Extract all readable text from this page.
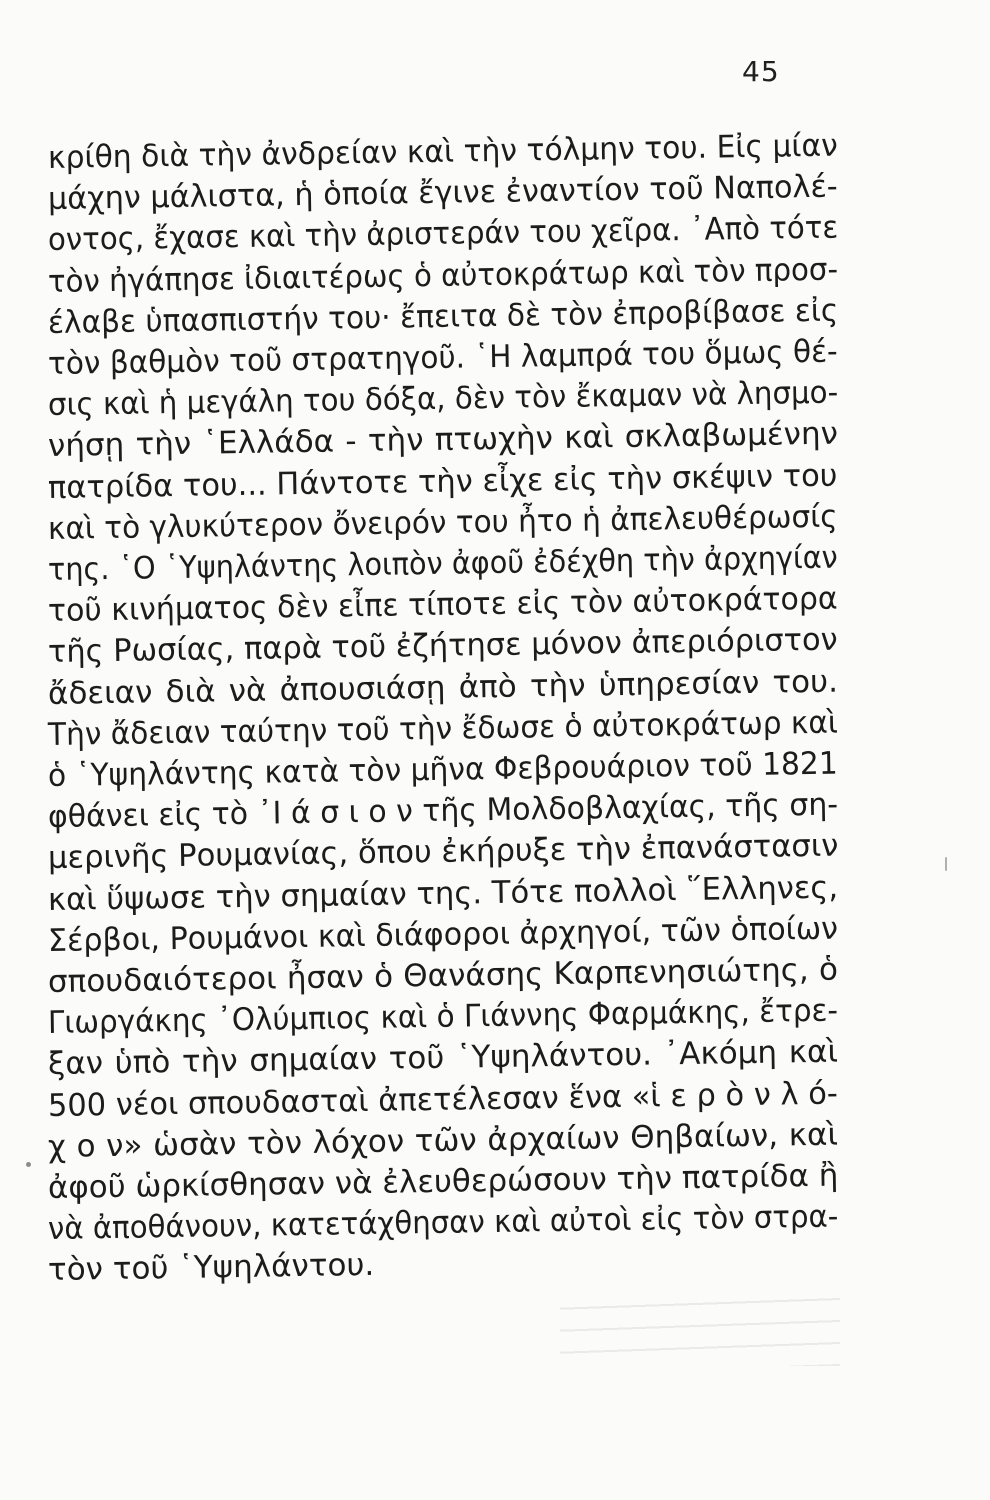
45
κρίθη διὰ τὴν ἀνδρείαν καὶ τὴν τόλμην του. Εἰς μίαν
μάχην μάλιστα, ἡ ὁποία ἔγινε ἐναντίον τοῦ Ναπολέ-
οντος, ἔχασε καὶ τὴν ἀριστεράν του χεῖρα. ᾿Απὸ τότε
τὸν ἠγάπησε ἰδιαιτέρως ὁ αὐτοκράτωρ καὶ τὸν προσ-
έλαβε ὑπασπιστήν του· ἔπειτα δὲ τὸν ἐπροβίβασε εἰς
τὸν βαθμὸν τοῦ στρατηγοῦ. ῾Η λαμπρά του ὅμως θέ-
σις καὶ ἡ μεγάλη του δόξα, δὲν τὸν ἔκαμαν νὰ λησμο-
νήσῃ τὴν ῾Ελλάδα - τὴν πτωχὴν καὶ σκλαβωμένην
πατρίδα του... Πάντοτε τὴν εἶχε εἰς τὴν σκέψιν του
καὶ τὸ γλυκύτερον ὄνειρόν του ἦτο ἡ ἀπελευθέρωσίς
της. ῾Ο ῾Υψηλάντης λοιπὸν ἀφοῦ ἐδέχθη τὴν ἀρχηγίαν
τοῦ κινήματος δὲν εἶπε τίποτε εἰς τὸν αὐτοκράτορα
τῆς Ρωσίας, παρὰ τοῦ ἐζήτησε μόνον ἀπεριόριστον
ἄδειαν διὰ νὰ ἀπουσιάσῃ ἀπὸ τὴν ὑπηρεσίαν του.
Τὴν ἄδειαν ταύτην τοῦ τὴν ἔδωσε ὁ αὐτοκράτωρ καὶ
ὁ ῾Υψηλάντης κατὰ τὸν μῆνα Φεβρουάριον τοῦ 1821
φθάνει εἰς τὸ ᾿Ι ά σ ι ο ν τῆς Μολδοβλαχίας, τῆς ση-
μερινῆς Ρουμανίας, ὅπου ἐκήρυξε τὴν ἐπανάστασιν
καὶ ὕψωσε τὴν σημαίαν της. Τότε πολλοὶ ῞Ελληνες,
Σέρβοι, Ρουμάνοι καὶ διάφοροι ἀρχηγοί, τῶν ὁποίων
σπουδαιότεροι ἦσαν ὁ Θανάσης Καρπενησιώτης, ὁ
Γιωργάκης ᾿Ολύμπιος καὶ ὁ Γιάννης Φαρμάκης, ἔτρε-
ξαν ὑπὸ τὴν σημαίαν τοῦ ῾Υψηλάντου. ᾿Ακόμη καὶ
500 νέοι σπουδασταὶ ἀπετέλεσαν ἕνα «ἱ ε ρ ὸ ν λ ό-
χ ο ν» ὡσὰν τὸν λόχον τῶν ἀρχαίων Θηβαίων, καὶ
ἀφοῦ ὡρκίσθησαν νὰ ἐλευθερώσουν τὴν πατρίδα ἢ
νὰ ἀποθάνουν, κατετάχθησαν καὶ αὐτοὶ εἰς τὸν στρα-
τὸν τοῦ ῾Υψηλάντου.
